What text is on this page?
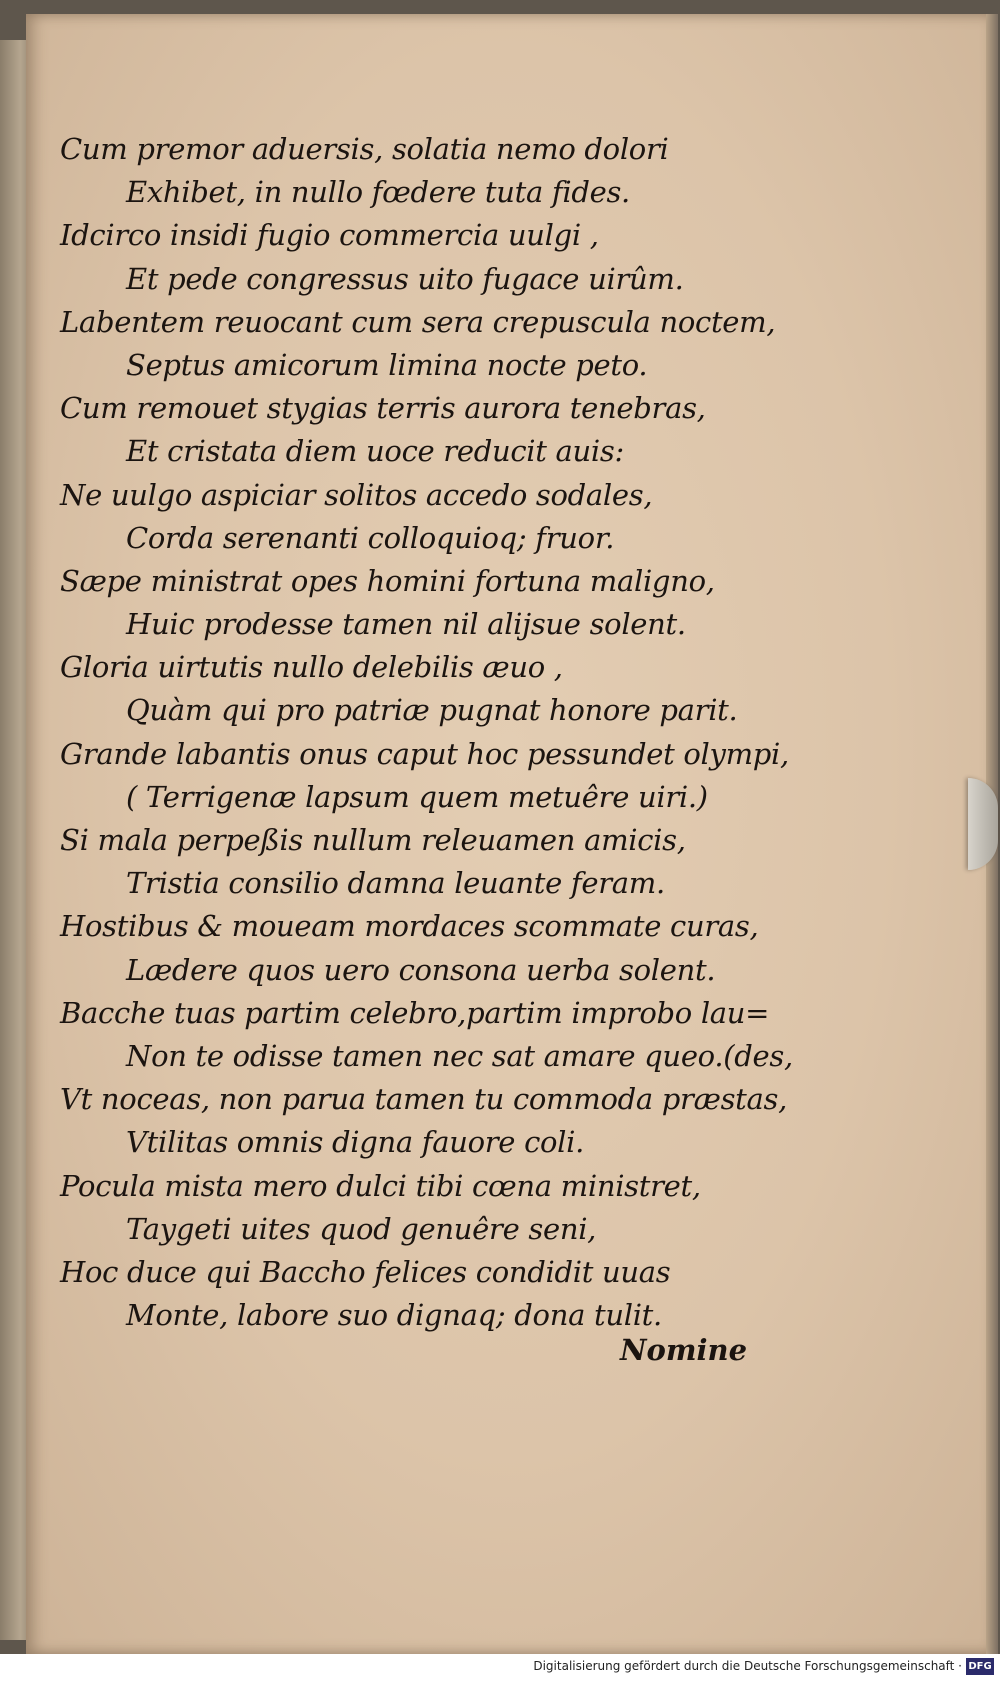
Cum premor aduersis, solatia nemo dolori
Exhibet, in nullo fœdere tuta fides.
Idcirco insidi fugio commercia uulgi ,
Et pede congressus uito fugace uirûm.
Labentem reuocant cum sera crepuscula noctem,
Septus amicorum limina nocte peto.
Cum remouet stygias terris aurora tenebras,
Et cristata diem uoce reducit auis:
Ne uulgo aspiciar solitos accedo sodales,
Corda serenanti colloquioq; fruor.
Sæpe ministrat opes homini fortuna maligno,
Huic prodesse tamen nil alijsue solent.
Gloria uirtutis nullo delebilis æuo ,
Quàm qui pro patriæ pugnat honore parit.
Grande labantis onus caput hoc pessundet olympi,
( Terrigenæ lapsum quem metuêre uiri.)
Si mala perpeßis nullum releuamen amicis,
Tristia consilio damna leuante feram.
Hostibus & moueam mordaces scommate curas,
Lædere quos uero consona uerba solent.
Bacche tuas partim celebro,partim improbo lau=
Non te odisse tamen nec sat amare queo.(des,
Vt noceas, non parua tamen tu commoda præstas,
Vtilitas omnis digna fauore coli.
Pocula mista mero dulci tibi cœna ministret,
Taygeti uites quod genuêre seni,
Hoc duce qui Baccho felices condidit uuas
Monte, labore suo dignaq; dona tulit.
Nomine
Digitalisierung gefördert durch die Deutsche Forschungsgemeinschaft · DFG
